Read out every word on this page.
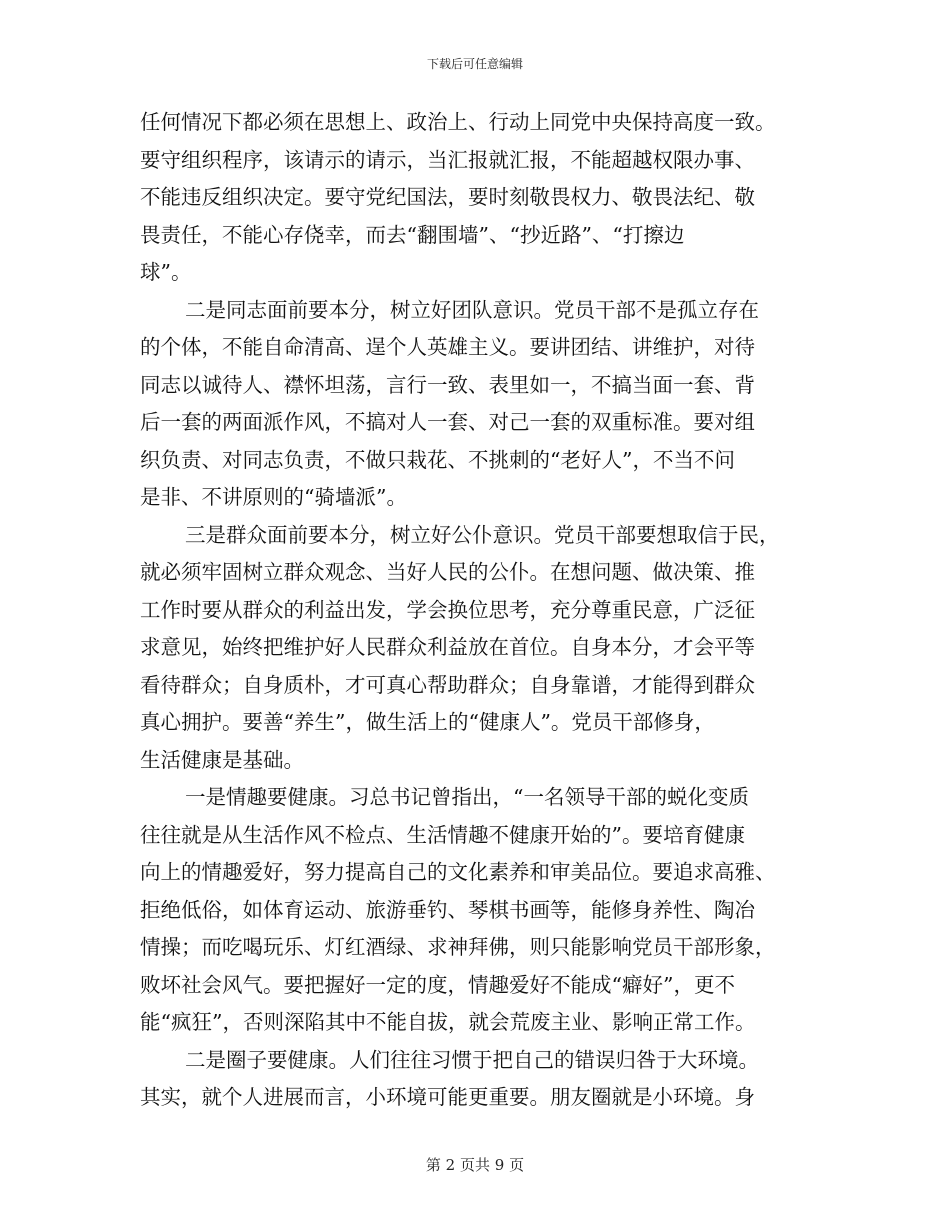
下载后可任意编辑
任何情况下都必须在思想上、政治上、行动上同党中央保持高度一致。
要守组织程序，该请示的请示，当汇报就汇报，不能超越权限办事、
不能违反组织决定。要守党纪国法，要时刻敬畏权力、敬畏法纪、敬
畏责任，不能心存侥幸，而去“翻围墙”、“抄近路”、“打擦边
球”。
二是同志面前要本分，树立好团队意识。党员干部不是孤立存在
的个体，不能自命清高、逞个人英雄主义。要讲团结、讲维护，对待
同志以诚待人、襟怀坦荡，言行一致、表里如一，不搞当面一套、背
后一套的两面派作风，不搞对人一套、对己一套的双重标准。要对组
织负责、对同志负责，不做只栽花、不挑刺的“老好人”，不当不问
是非、不讲原则的“骑墙派”。
三是群众面前要本分，树立好公仆意识。党员干部要想取信于民，
就必须牢固树立群众观念、当好人民的公仆。在想问题、做决策、推
工作时要从群众的利益出发，学会换位思考，充分尊重民意，广泛征
求意见，始终把维护好人民群众利益放在首位。自身本分，才会平等
看待群众；自身质朴，才可真心帮助群众；自身靠谱，才能得到群众
真心拥护。要善“养生”，做生活上的“健康人”。党员干部修身，
生活健康是基础。
一是情趣要健康。习总书记曾指出，“一名领导干部的蜕化变质
往往就是从生活作风不检点、生活情趣不健康开始的”。要培育健康
向上的情趣爱好，努力提高自己的文化素养和审美品位。要追求高雅、
拒绝低俗，如体育运动、旅游垂钓、琴棋书画等，能修身养性、陶冶
情操；而吃喝玩乐、灯红酒绿、求神拜佛，则只能影响党员干部形象，
败坏社会风气。要把握好一定的度，情趣爱好不能成“癖好”，更不
能“疯狂”，否则深陷其中不能自拔，就会荒废主业、影响正常工作。
二是圈子要健康。人们往往习惯于把自己的错误归咎于大环境。
其实，就个人进展而言，小环境可能更重要。朋友圈就是小环境。身
第 2 页共 9 页
